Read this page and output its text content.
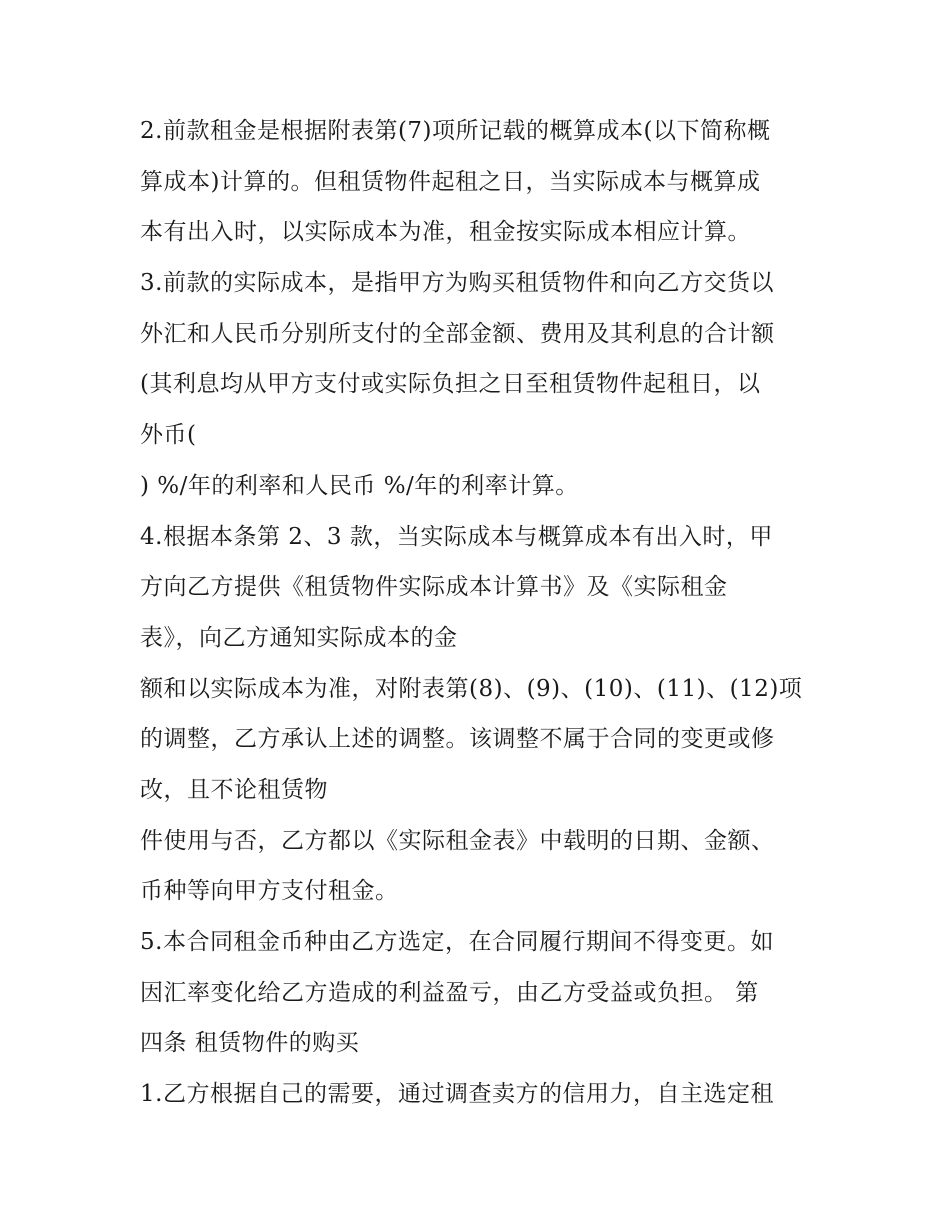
2.前款租金是根据附表第(7)项所记载的概算成本(以下简称概
算成本)计算的。但租赁物件起租之日，当实际成本与概算成
本有出入时，以实际成本为准，租金按实际成本相应计算。
3.前款的实际成本，是指甲方为购买租赁物件和向乙方交货以
外汇和人民币分别所支付的全部金额、费用及其利息的合计额
(其利息均从甲方支付或实际负担之日至租赁物件起租日，以
外币(
) %/年的利率和人民币 %/年的利率计算。
4.根据本条第 2、3 款，当实际成本与概算成本有出入时，甲
方向乙方提供《租赁物件实际成本计算书》及《实际租金
表》，向乙方通知实际成本的金
额和以实际成本为准，对附表第(8)、(9)、(10)、(11)、(12)项
的调整，乙方承认上述的调整。该调整不属于合同的变更或修
改，且不论租赁物
件使用与否，乙方都以《实际租金表》中载明的日期、金额、
币种等向甲方支付租金。
5.本合同租金币种由乙方选定，在合同履行期间不得变更。如
因汇率变化给乙方造成的利益盈亏，由乙方受益或负担。 第
四条 租赁物件的购买
1.乙方根据自己的需要，通过调查卖方的信用力，自主选定租
